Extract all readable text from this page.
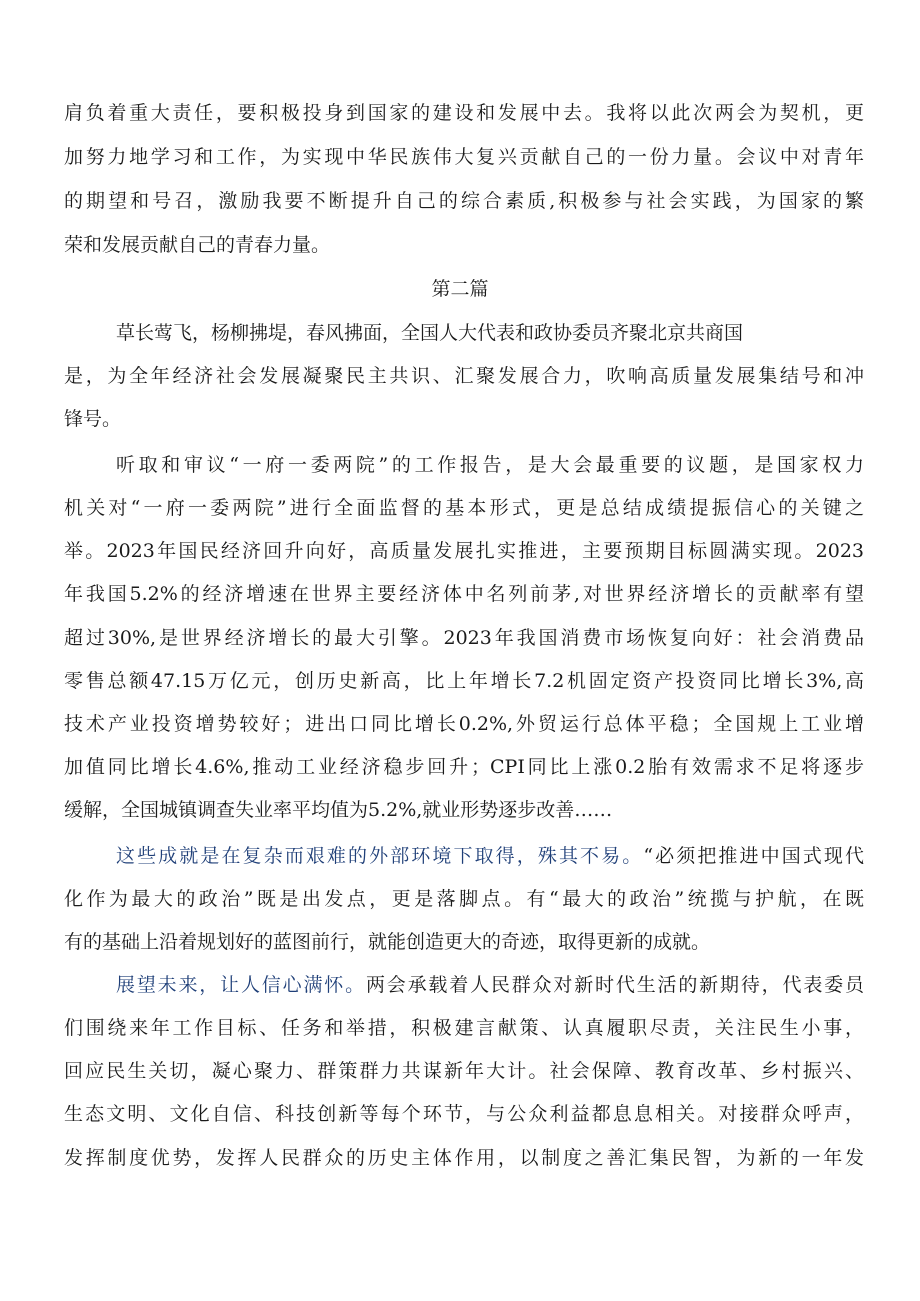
肩负着重大责任，要积极投身到国家的建设和发展中去。我将以此次两会为契机，更
加努力地学习和工作，为实现中华民族伟大复兴贡献自己的一份力量。会议中对青年
的期望和号召，激励我要不断提升自己的综合素质,积极参与社会实践，为国家的繁
荣和发展贡献自己的青春力量。
第二篇
草长莺飞，杨柳拂堤，春风拂面，全国人大代表和政协委员齐聚北京共商国
是，为全年经济社会发展凝聚民主共识、汇聚发展合力，吹响高质量发展集结号和冲
锋号。
听取和审议“一府一委两院”的工作报告，是大会最重要的议题，是国家权力
机关对“一府一委两院”进行全面监督的基本形式，更是总结成绩提振信心的关键之
举。2023年国民经济回升向好，高质量发展扎实推进，主要预期目标圆满实现。2023
年我国5.2%的经济增速在世界主要经济体中名列前茅,对世界经济增长的贡献率有望
超过30%,是世界经济增长的最大引擎。2023年我国消费市场恢复向好：社会消费品
零售总额47.15万亿元，创历史新高，比上年增长7.2机固定资产投资同比增长3%,高
技术产业投资增势较好；进出口同比增长0.2%,外贸运行总体平稳；全国规上工业增
加值同比增长4.6%,推动工业经济稳步回升；CPI同比上涨0.2胎有效需求不足将逐步
缓解，全国城镇调查失业率平均值为5.2%,就业形势逐步改善……
这些成就是在复杂而艰难的外部环境下取得，殊其不易。“必须把推进中国式现代
化作为最大的政治”既是出发点，更是落脚点。有“最大的政治”统揽与护航，在既
有的基础上沿着规划好的蓝图前行，就能创造更大的奇迹，取得更新的成就。
展望未来，让人信心满怀。两会承载着人民群众对新时代生活的新期待，代表委员
们围绕来年工作目标、任务和举措，积极建言献策、认真履职尽责，关注民生小事，
回应民生关切，凝心聚力、群策群力共谋新年大计。社会保障、教育改革、乡村振兴、
生态文明、文化自信、科技创新等每个环节，与公众利益都息息相关。对接群众呼声，
发挥制度优势，发挥人民群众的历史主体作用，以制度之善汇集民智，为新的一年发
